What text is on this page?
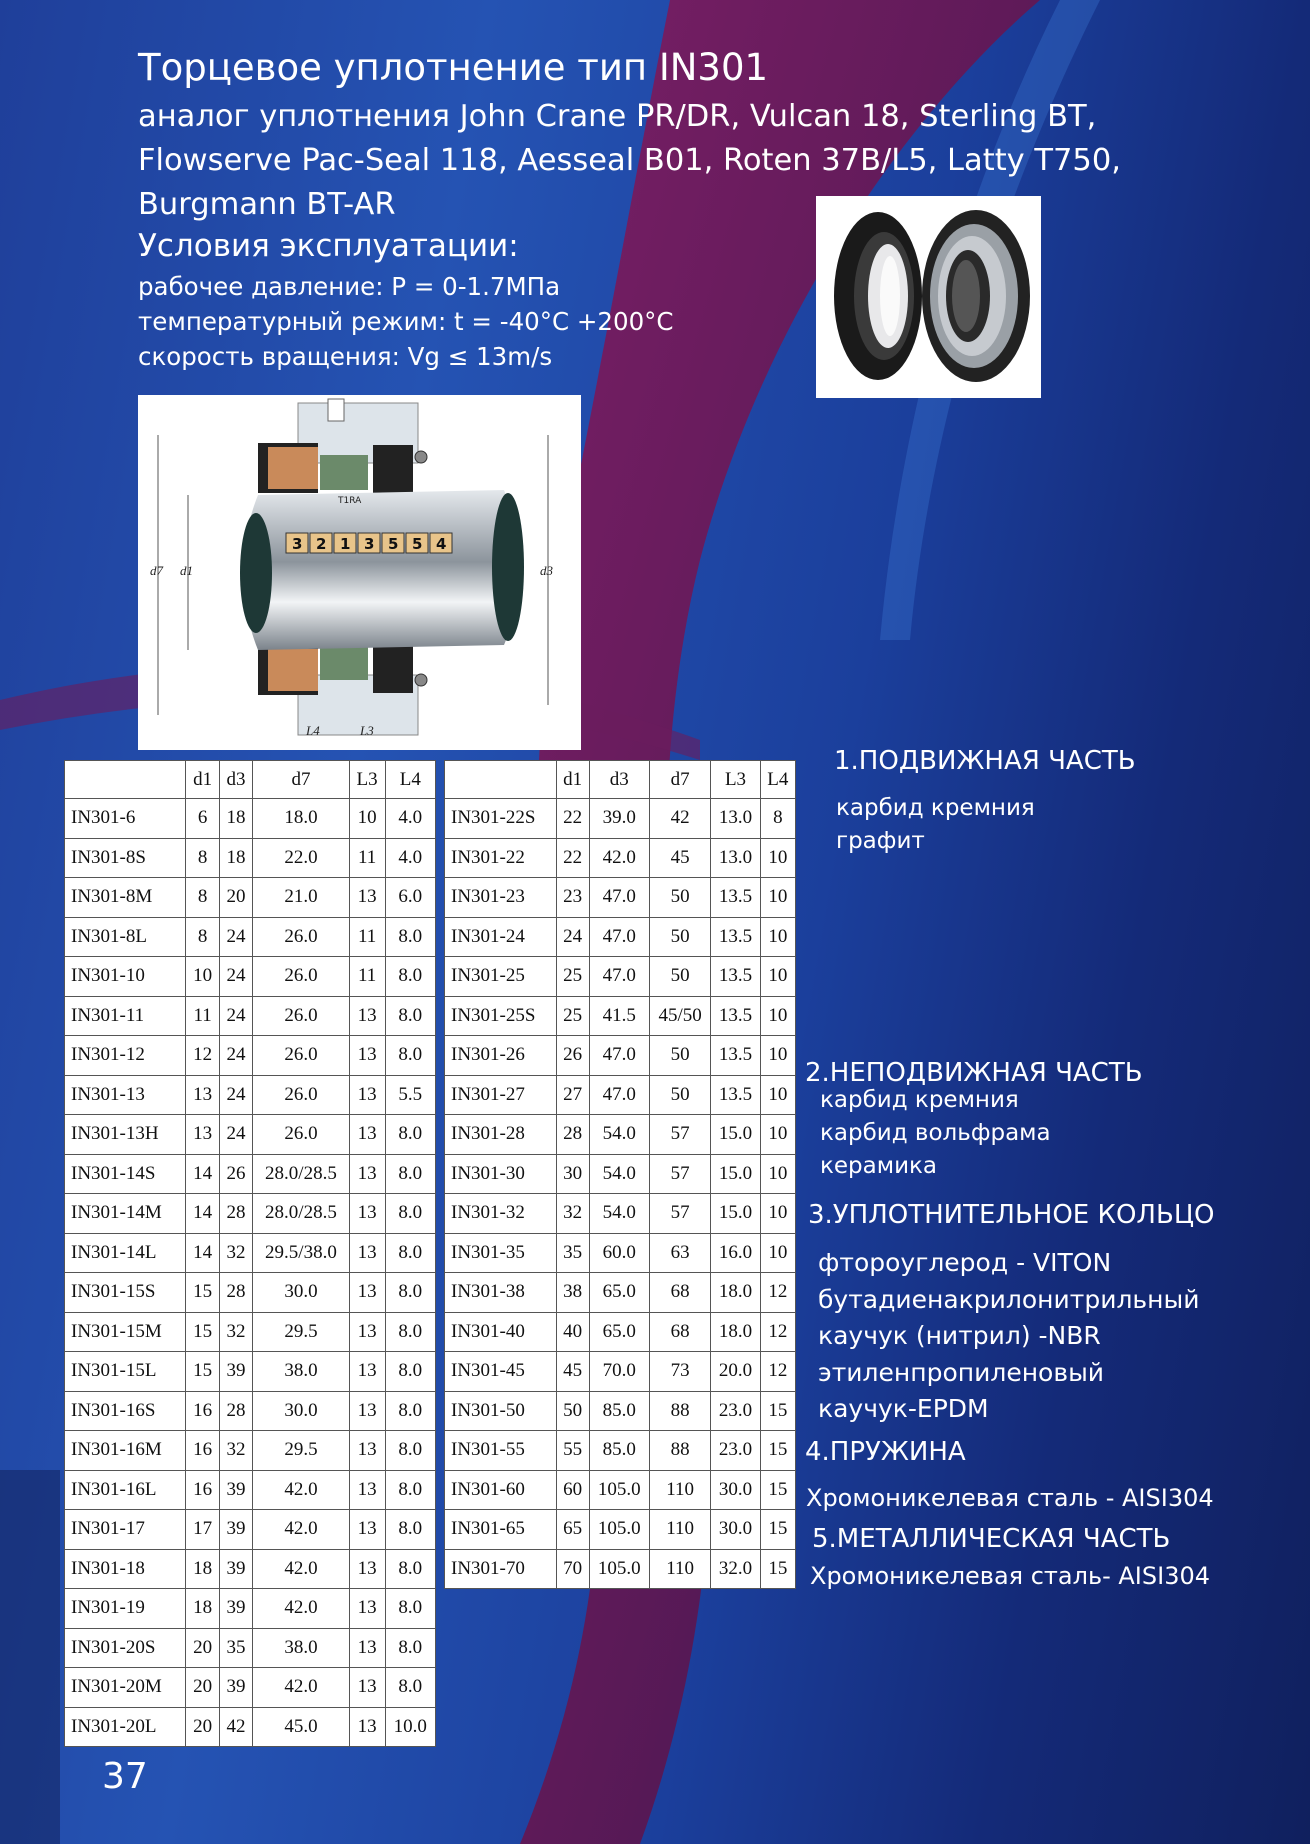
Торцевое уплотнение тип IN301
аналог уплотнения John Crane PR/DR, Vulcan 18, Sterling BT,
Flowserve Pac-Seal 118, Aesseal B01, Roten 37B/L5, Latty T750,
Burgmann BT-AR
Условия эксплуатации:
рабочее давление: P = 0-1.7МПа
температурный режим: t = -40°C +200°C
скорость вращения: Vg ≤ 13m/s
d7 d1	d3
L4	L3
T1RA
3 2 1 3 5 5 4
	d1	d3	d7	L3	L4
IN301-6	6	18	18.0	10	4.0
IN301-8S	8	18	22.0	11	4.0
IN301-8M	8	20	21.0	13	6.0
IN301-8L	8	24	26.0	11	8.0
IN301-10	10	24	26.0	11	8.0
IN301-11	11	24	26.0	13	8.0
IN301-12	12	24	26.0	13	8.0
IN301-13	13	24	26.0	13	5.5
IN301-13H	13	24	26.0	13	8.0
IN301-14S	14	26	28.0/28.5	13	8.0
IN301-14M	14	28	28.0/28.5	13	8.0
IN301-14L	14	32	29.5/38.0	13	8.0
IN301-15S	15	28	30.0	13	8.0
IN301-15M	15	32	29.5	13	8.0
IN301-15L	15	39	38.0	13	8.0
IN301-16S	16	28	30.0	13	8.0
IN301-16M	16	32	29.5	13	8.0
IN301-16L	16	39	42.0	13	8.0
IN301-17	17	39	42.0	13	8.0
IN301-18	18	39	42.0	13	8.0
IN301-19	18	39	42.0	13	8.0
IN301-20S	20	35	38.0	13	8.0
IN301-20M	20	39	42.0	13	8.0
IN301-20L	20	42	45.0	13	10.0
	d1	d3	d7	L3	L4
IN301-22S	22	39.0	42	13.0	8
IN301-22	22	42.0	45	13.0	10
IN301-23	23	47.0	50	13.5	10
IN301-24	24	47.0	50	13.5	10
IN301-25	25	47.0	50	13.5	10
IN301-25S	25	41.5	45/50	13.5	10
IN301-26	26	47.0	50	13.5	10
IN301-27	27	47.0	50	13.5	10
IN301-28	28	54.0	57	15.0	10
IN301-30	30	54.0	57	15.0	10
IN301-32	32	54.0	57	15.0	10
IN301-35	35	60.0	63	16.0	10
IN301-38	38	65.0	68	18.0	12
IN301-40	40	65.0	68	18.0	12
IN301-45	45	70.0	73	20.0	12
IN301-50	50	85.0	88	23.0	15
IN301-55	55	85.0	88	23.0	15
IN301-60	60	105.0	110	30.0	15
IN301-65	65	105.0	110	30.0	15
IN301-70	70	105.0	110	32.0	15
1.ПОДВИЖНАЯ ЧАСТЬ
карбид кремния
графит
2.НЕПОДВИЖНАЯ ЧАСТЬ
карбид кремния
карбид вольфрама
керамика
3.УПЛОТНИТЕЛЬНОЕ КОЛЬЦО
фтороуглерод - VITON
бутадиенакрилонитрильный
каучук (нитрил) -NBR
этиленпропиленовый
каучук-EPDM
4.ПРУЖИНА
Хромоникелевая сталь - AISI304
5.МЕТАЛЛИЧЕСКАЯ ЧАСТЬ
Хромоникелевая сталь- AISI304
37
